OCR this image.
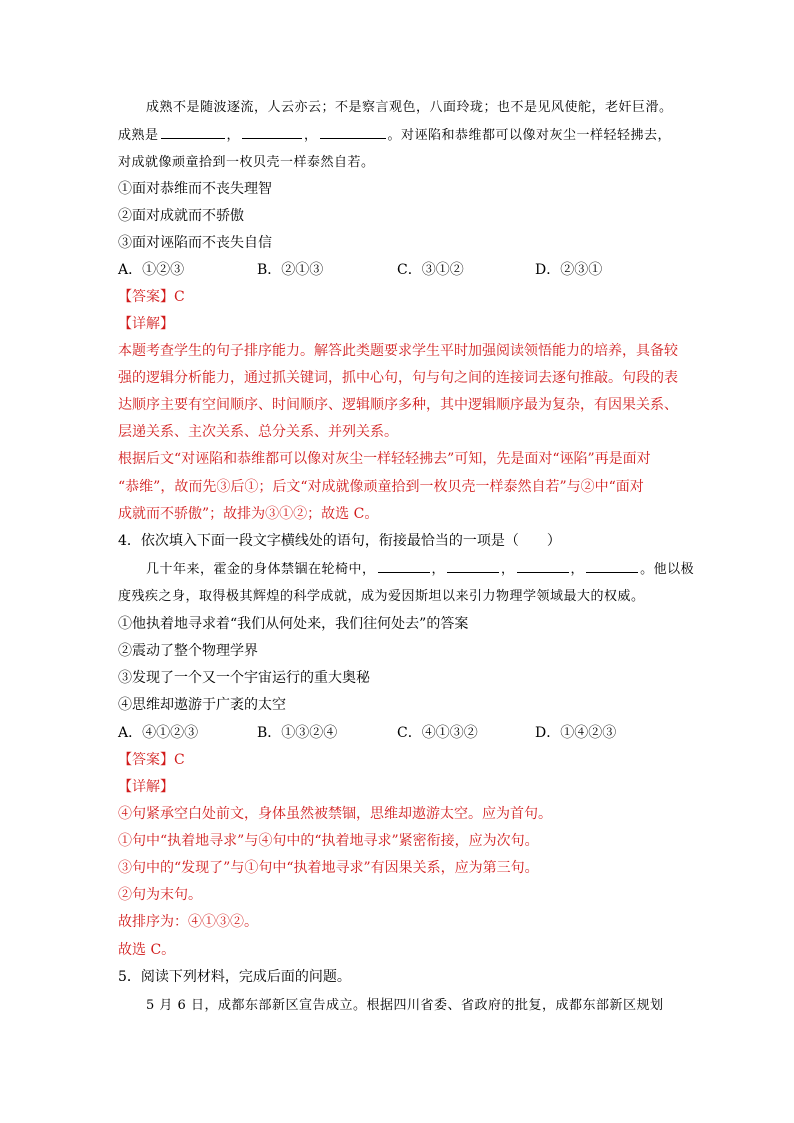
成熟不是随波逐流，人云亦云；不是察言观色，八面玲珑；也不是见风使舵，老奸巨滑。
成熟是	，	，	。对诬陷和恭维都可以像对灰尘一样轻轻拂去，
对成就像顽童拾到一枚贝壳一样泰然自若。
①面对恭维而不丧失理智
②面对成就而不骄傲
③面对诬陷而不丧失自信
A．①②③	B．②①③	C．③①②	D．②③①
【答案】C
【详解】
本题考查学生的句子排序能力。解答此类题要求学生平时加强阅读领悟能力的培养，具备较
强的逻辑分析能力，通过抓关键词，抓中心句，句与句之间的连接词去逐句推敲。句段的表
达顺序主要有空间顺序、时间顺序、逻辑顺序多种，其中逻辑顺序最为复杂，有因果关系、
层递关系、主次关系、总分关系、并列关系。
根据后文“对诬陷和恭维都可以像对灰尘一样轻轻拂去”可知，先是面对“诬陷”再是面对
“恭维”，故而先③后①；后文“对成就像顽童拾到一枚贝壳一样泰然自若”与②中“面对
成就而不骄傲”；故排为③①②；故选 C。
4．依次填入下面一段文字横线处的语句，衔接最恰当的一项是（　　）
几十年来，霍金的身体禁锢在轮椅中，	，	，	，	。他以极
度残疾之身，取得极其辉煌的科学成就，成为爱因斯坦以来引力物理学领域最大的权威。
①他执着地寻求着“我们从何处来，我们往何处去”的答案
②震动了整个物理学界
③发现了一个又一个宇宙运行的重大奥秘
④思维却遨游于广袤的太空
A．④①②③	B．①③②④	C．④①③②	D．①④②③
【答案】C
【详解】
④句紧承空白处前文，身体虽然被禁锢，思维却遨游太空。应为首句。
①句中“执着地寻求”与④句中的“执着地寻求”紧密衔接，应为次句。
③句中的“发现了”与①句中“执着地寻求”有因果关系，应为第三句。
②句为末句。
故排序为：④①③②。
故选 C。
5．阅读下列材料，完成后面的问题。
5 月 6 日，成都东部新区宣告成立。根据四川省委、省政府的批复，成都东部新区规划
